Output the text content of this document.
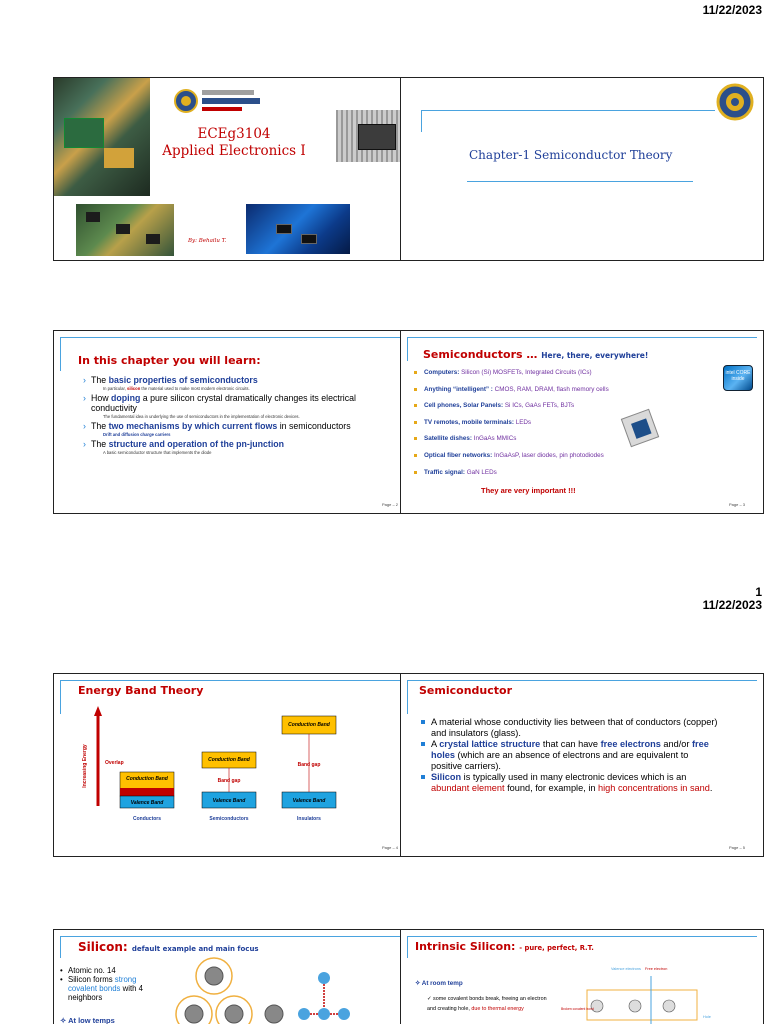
11/22/2023
1
11/22/2023
ECEg3104
Applied Electronics I
By: Behailu T.
Chapter-1 Semiconductor Theory
In this chapter you will learn:
› The basic properties of semiconductors
In particular, silicon the material used to make most modern electronic circuits.
› How doping a pure silicon crystal dramatically changes its electrical conductivity
The fundamental idea in underlying the use of semiconductors in the implementation of electronic devices.
› The two mechanisms by which current flows in semiconductors
Drift and diffusion charge carriers
› The structure and operation of the pn-junction
A basic semiconductor structure that implements the diode
Page – 2
Semiconductors … Here, there, everywhere!
Computers: Silicon (Si) MOSFETs, Integrated Circuits (ICs)
Anything “intelligent” : CMOS, RAM, DRAM, flash memory cells
Cell phones, Solar Panels: Si ICs, GaAs FETs, BJTs
TV remotes, mobile terminals: LEDs
Satellite dishes: InGaAs MMICs
Optical fiber networks: InGaAsP, laser diodes, pin photodiodes
Traffic signal: GaN LEDs
They are very important !!!
intel CORE inside
Page – 3
Energy Band Theory
Increasing Energy	Conduction Band
Valence Band
Overlap
Conductors
Conduction Band
Valence Band
Band gap
Semiconductors
Conduction Band
Valence Band
Band gap
Insulators
Page – 4
Semiconductor
A material whose conductivity lies between that of conductors (copper) and insulators (glass).
A crystal lattice structure that can have free electrons and/or free holes (which are an absence of electrons and are equivalent to positive carriers).
Silicon is typically used in many electronic devices which is an abundant element found, for example, in high concentrations in sand.
Page – 5
Silicon: default example and main focus
• Atomic no. 14
• Silicon forms strong covalent bonds with 4 neighbors
✧ At low temps
Intrinsic Silicon: - pure, perfect, R.T.
✧ At room temp
✓ some covalent bonds break, freeing an electron and creating hole, due to thermal energy
Valence electrons Free electron
Broken covalent bond
Hole
